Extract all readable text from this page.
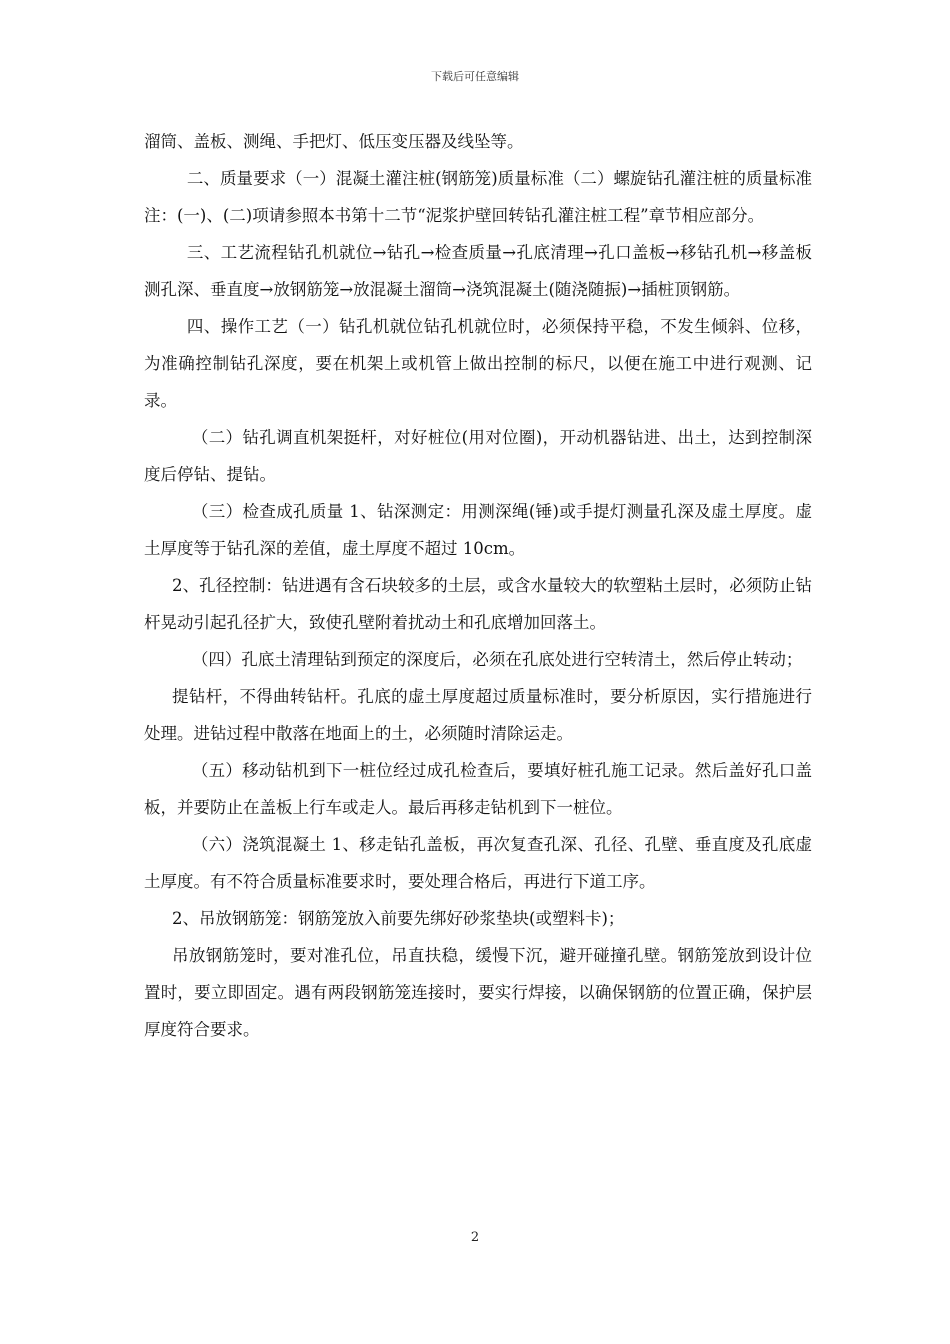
下载后可任意编辑

溜筒、盖板、测绳、手把灯、低压变压器及线坠等。

二、质量要求（一）混凝土灌注桩(钢筋笼)质量标准（二）螺旋钻孔灌注桩的质量标准注：(一)、(二)项请参照本书第十二节“泥浆护壁回转钻孔灌注桩工程”章节相应部分。

三、工艺流程钻孔机就位→钻孔→检查质量→孔底清理→孔口盖板→移钻孔机→移盖板测孔深、垂直度→放钢筋笼→放混凝土溜筒→浇筑混凝土(随浇随振)→插桩顶钢筋。

四、操作工艺（一）钻孔机就位钻孔机就位时，必须保持平稳，不发生倾斜、位移，为准确控制钻孔深度，要在机架上或机管上做出控制的标尺，以便在施工中进行观测、记录。

（二）钻孔调直机架挺杆，对好桩位(用对位圈)，开动机器钻进、出土，达到控制深度后停钻、提钻。

（三）检查成孔质量 1、钻深测定：用测深绳(锤)或手提灯测量孔深及虚土厚度。虚土厚度等于钻孔深的差值，虚土厚度不超过 10cm。

2、孔径控制：钻进遇有含石块较多的土层，或含水量较大的软塑粘土层时，必须防止钻杆晃动引起孔径扩大，致使孔壁附着扰动土和孔底增加回落土。

（四）孔底土清理钻到预定的深度后，必须在孔底处进行空转清土，然后停止转动；

提钻杆，不得曲转钻杆。孔底的虚土厚度超过质量标准时，要分析原因，实行措施进行处理。进钻过程中散落在地面上的土，必须随时清除运走。

（五）移动钻机到下一桩位经过成孔检查后，要填好桩孔施工记录。然后盖好孔口盖板，并要防止在盖板上行车或走人。最后再移走钻机到下一桩位。

（六）浇筑混凝土 1、移走钻孔盖板，再次复查孔深、孔径、孔壁、垂直度及孔底虚土厚度。有不符合质量标准要求时，要处理合格后，再进行下道工序。

2、吊放钢筋笼：钢筋笼放入前要先绑好砂浆垫块(或塑料卡)；

吊放钢筋笼时，要对准孔位，吊直扶稳，缓慢下沉，避开碰撞孔壁。钢筋笼放到设计位置时，要立即固定。遇有两段钢筋笼连接时，要实行焊接，以确保钢筋的位置正确，保护层厚度符合要求。

2
